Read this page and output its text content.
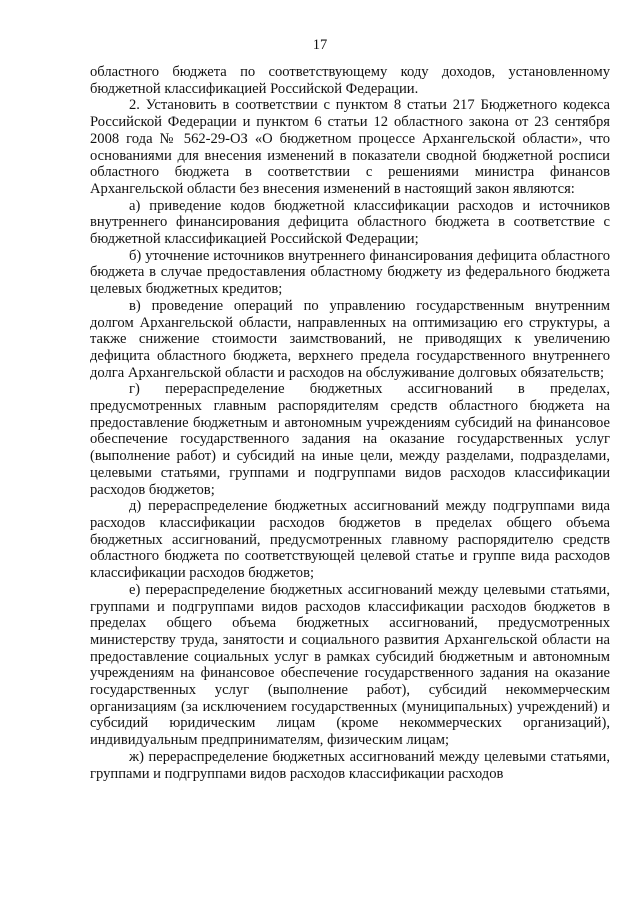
17

областного бюджета по соответствующему коду доходов, установленному бюджетной классификацией Российской Федерации.

2. Установить в соответствии с пунктом 8 статьи 217 Бюджетного кодекса Российской Федерации и пунктом 6 статьи 12 областного закона от 23 сентября 2008 года № 562-29-ОЗ «О бюджетном процессе Архангельской области», что основаниями для внесения изменений в показатели сводной бюджетной росписи областного бюджета в соответствии с решениями министра финансов Архангельской области без внесения изменений в настоящий закон являются:

а) приведение кодов бюджетной классификации расходов и источников внутреннего финансирования дефицита областного бюджета в соответствие с бюджетной классификацией Российской Федерации;

б) уточнение источников внутреннего финансирования дефицита областного бюджета в случае предоставления областному бюджету из федерального бюджета целевых бюджетных кредитов;

в) проведение операций по управлению государственным внутренним долгом Архангельской области, направленных на оптимизацию его структуры, а также снижение стоимости заимствований, не приводящих к увеличению дефицита областного бюджета, верхнего предела государственного внутреннего долга Архангельской области и расходов на обслуживание долговых обязательств;

г) перераспределение бюджетных ассигнований в пределах, предусмотренных главным распорядителям средств областного бюджета на предоставление бюджетным и автономным учреждениям субсидий на финансовое обеспечение государственного задания на оказание государственных услуг (выполнение работ) и субсидий на иные цели, между разделами, подразделами, целевыми статьями, группами и подгруппами видов расходов классификации расходов бюджетов;

д) перераспределение бюджетных ассигнований между подгруппами вида расходов классификации расходов бюджетов в пределах общего объема бюджетных ассигнований, предусмотренных главному распорядителю средств областного бюджета по соответствующей целевой статье и группе вида расходов классификации расходов бюджетов;

е) перераспределение бюджетных ассигнований между целевыми статьями, группами и подгруппами видов расходов классификации расходов бюджетов в пределах общего объема бюджетных ассигнований, предусмотренных министерству труда, занятости и социального развития Архангельской области на предоставление социальных услуг в рамках субсидий бюджетным и автономным учреждениям на финансовое обеспечение государственного задания на оказание государственных услуг (выполнение работ), субсидий некоммерческим организациям (за исключением государственных (муниципальных) учреждений) и субсидий юридическим лицам (кроме некоммерческих организаций), индивидуальным предпринимателям, физическим лицам;

ж) перераспределение бюджетных ассигнований между целевыми статьями, группами и подгруппами видов расходов классификации расходов
